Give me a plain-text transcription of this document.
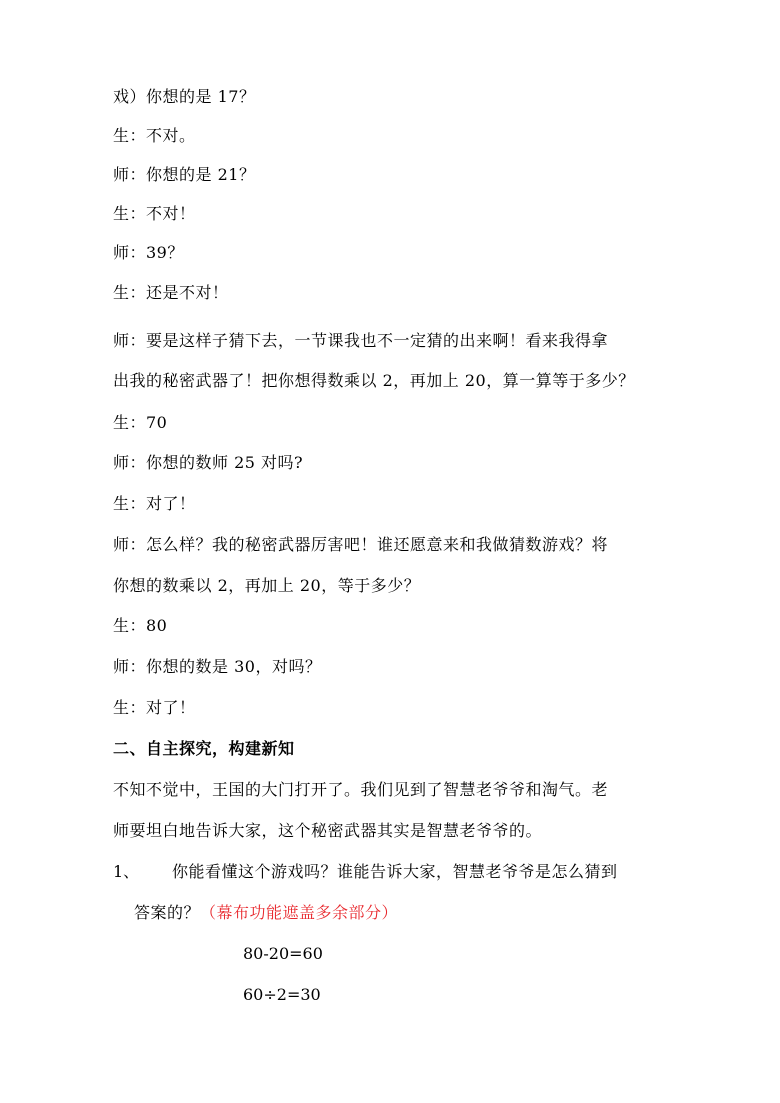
戏）你想的是 17？
生：不对。
师：你想的是 21？
生：不对！
师：39？
生：还是不对！
师：要是这样子猜下去，一节课我也不一定猜的出来啊！看来我得拿
出我的秘密武器了！把你想得数乘以 2，再加上 20，算一算等于多少？
生：70
师：你想的数师 25 对吗?
生：对了！
师：怎么样？我的秘密武器厉害吧！谁还愿意来和我做猜数游戏？将
你想的数乘以 2，再加上 20，等于多少？
生：80
师：你想的数是 30，对吗？
生：对了！
二、自主探究，构建新知
不知不觉中，王国的大门打开了。我们见到了智慧老爷爷和淘气。老
师要坦白地告诉大家，这个秘密武器其实是智慧老爷爷的。
1、 你能看懂这个游戏吗？谁能告诉大家，智慧老爷爷是怎么猜到
答案的？（幕布功能遮盖多余部分）
80-20=60
60÷2=30
